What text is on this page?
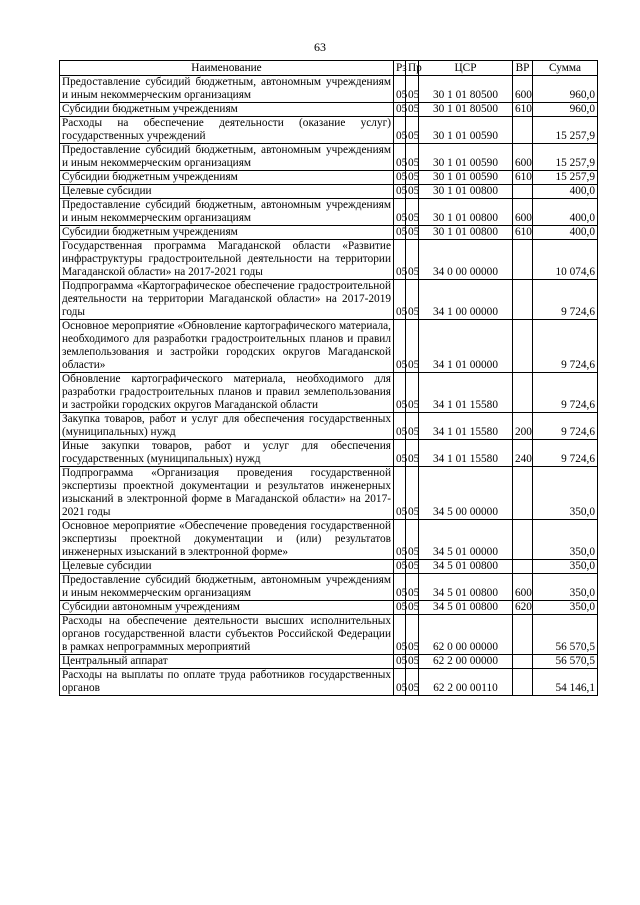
63
Наименование	Рз	Пр	ЦСР	ВР	Сумма
Предоставление субсидий бюджетным, автономным учреждениям и иным некоммерческим организациям	05	05	30 1 01 80500	600	960,0
Субсидии бюджетным учреждениям	05	05	30 1 01 80500	610	960,0
Расходы на обеспечение деятельности (оказание услуг) государственных учреждений	05	05	30 1 01 00590		15 257,9
Предоставление субсидий бюджетным, автономным учреждениям и иным некоммерческим организациям	05	05	30 1 01 00590	600	15 257,9
Субсидии бюджетным учреждениям	05	05	30 1 01 00590	610	15 257,9
Целевые субсидии	05	05	30 1 01 00800		400,0
Предоставление субсидий бюджетным, автономным учреждениям и иным некоммерческим организациям	05	05	30 1 01 00800	600	400,0
Субсидии бюджетным учреждениям	05	05	30 1 01 00800	610	400,0
Государственная программа Магаданской области «Развитие инфраструктуры градостроительной деятельности на территории Магаданской области» на 2017-2021 годы	05	05	34 0 00 00000		10 074,6
Подпрограмма «Картографическое обеспечение градостроительной деятельности на территории Магаданской области» на 2017-2019 годы	05	05	34 1 00 00000		9 724,6
Основное мероприятие «Обновление картографического материала, необходимого для разработки градостроительных планов и правил землепользования и застройки городских округов Магаданской области»	05	05	34 1 01 00000		9 724,6
Обновление картографического материала, необходимого для разработки градостроительных планов и правил землепользования и застройки городских округов Магаданской области	05	05	34 1 01 15580		9 724,6
Закупка товаров, работ и услуг для обеспечения государственных (муниципальных) нужд	05	05	34 1 01 15580	200	9 724,6
Иные закупки товаров, работ и услуг для обеспечения государственных (муниципальных) нужд	05	05	34 1 01 15580	240	9 724,6
Подпрограмма «Организация проведения государственной экспертизы проектной документации и результатов инженерных изысканий в электронной форме в Магаданской области» на 2017-2021 годы	05	05	34 5 00 00000		350,0
Основное мероприятие «Обеспечение проведения государственной экспертизы проектной документации и (или) результатов инженерных изысканий в электронной форме»	05	05	34 5 01 00000		350,0
Целевые субсидии	05	05	34 5 01 00800		350,0
Предоставление субсидий бюджетным, автономным учреждениям и иным некоммерческим организациям	05	05	34 5 01 00800	600	350,0
Субсидии автономным учреждениям	05	05	34 5 01 00800	620	350,0
Расходы на обеспечение деятельности высших исполнительных органов государственной власти субъектов Российской Федерации в рамках непрограммных мероприятий	05	05	62 0 00 00000		56 570,5
Центральный аппарат	05	05	62 2 00 00000		56 570,5
Расходы на выплаты по оплате труда работников государственных органов	05	05	62 2 00 00110		54 146,1
